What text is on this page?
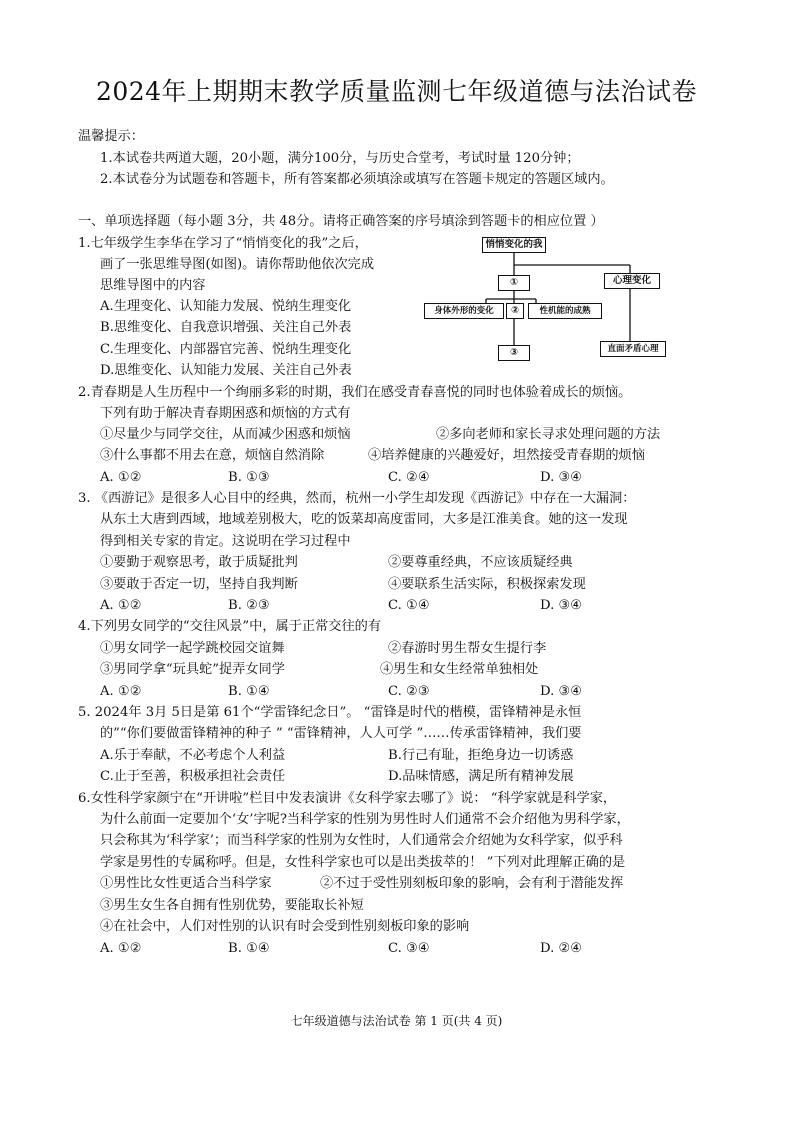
2024年上期期末教学质量监测七年级道德与法治试卷
温馨提示：
1.本试卷共两道大题，20小题，满分100分，与历史合堂考，考试时量 120分钟；
2.本试卷分为试题卷和答题卡，所有答案都必须填涂或填写在答题卡规定的答题区域内。
一、单项选择题（每小题 3分，共 48分。请将正确答案的序号填涂到答题卡的相应位置 ）
1.七年级学生李华在学习了“悄悄变化的我”之后，
画了一张思维导图(如图)。请你帮助他依次完成
思维导图中的内容
A.生理变化、认知能力发展、悦纳生理变化
B.思维变化、自我意识增强、关注自己外表
C.生理变化、内部器官完善、悦纳生理变化
D.思维变化、认知能力发展、关注自己外表
悄悄变化的我
①	心理变化
身体外形的变化	②	性机能的成熟
③	直面矛盾心理
2.青春期是人生历程中一个绚丽多彩的时期，我们在感受青春喜悦的同时也体验着成长的烦恼。
下列有助于解决青春期困惑和烦恼的方式有
①尽量少与同学交往，从而减少困惑和烦恼	②多向老师和家长寻求处理问题的方法
③什么事都不用去在意，烦恼自然消除	④培养健康的兴趣爱好，坦然接受青春期的烦恼
A. ①②	B. ①③	C. ②④	D. ③④
3. 《西游记》是很多人心目中的经典，然而，杭州一小学生却发现《西游记》中存在一大漏洞：
从东土大唐到西域，地域差别极大，吃的饭菜却高度雷同，大多是江淮美食。她的这一发现
得到相关专家的肯定。这说明在学习过程中
①要勤于观察思考，敢于质疑批判	②要尊重经典，不应该质疑经典
③要敢于否定一切，坚持自我判断	④要联系生活实际，积极探索发现
A. ①②	B. ②③	C. ①④	D. ③④
4.下列男女同学的“交往风景”中，属于正常交往的有
①男女同学一起学跳校园交谊舞	②春游时男生帮女生提行李
③男同学拿“玩具蛇”捉弄女同学	④男生和女生经常单独相处
A. ①②	B. ①④	C. ②③	D. ③④
5. 2024年 3月 5日是第 61个“学雷锋纪念日”。 “雷锋是时代的楷模，雷锋精神是永恒
的”“你们要做雷锋精神的种子 ” “雷锋精神，人人可学 ”……传承雷锋精神，我们要
A.乐于奉献，不必考虑个人利益	B.行己有耻，拒绝身边一切诱惑
C.止于至善，积极承担社会责任	D.品味情感，满足所有精神发展
6.女性科学家颜宁在“开讲啦”栏目中发表演讲《女科学家去哪了》说： “科学家就是科学家，
为什么前面一定要加个‘女’字呢?当科学家的性别为男性时人们通常不会介绍他为男科学家，
只会称其为‘科学家’；而当科学家的性别为女性时，人们通常会介绍她为女科学家，似乎科
学家是男性的专属称呼。但是，女性科学家也可以是出类拔萃的！ ”下列对此理解正确的是
①男性比女性更适合当科学家	②不过于受性别刻板印象的影响，会有利于潜能发挥
③男生女生各自拥有性别优势，要能取长补短
④在社会中，人们对性别的认识有时会受到性别刻板印象的影响
A. ①②	B. ①④	C. ③④	D. ②④
七年级道德与法治试卷 第 1 页(共 4 页)
